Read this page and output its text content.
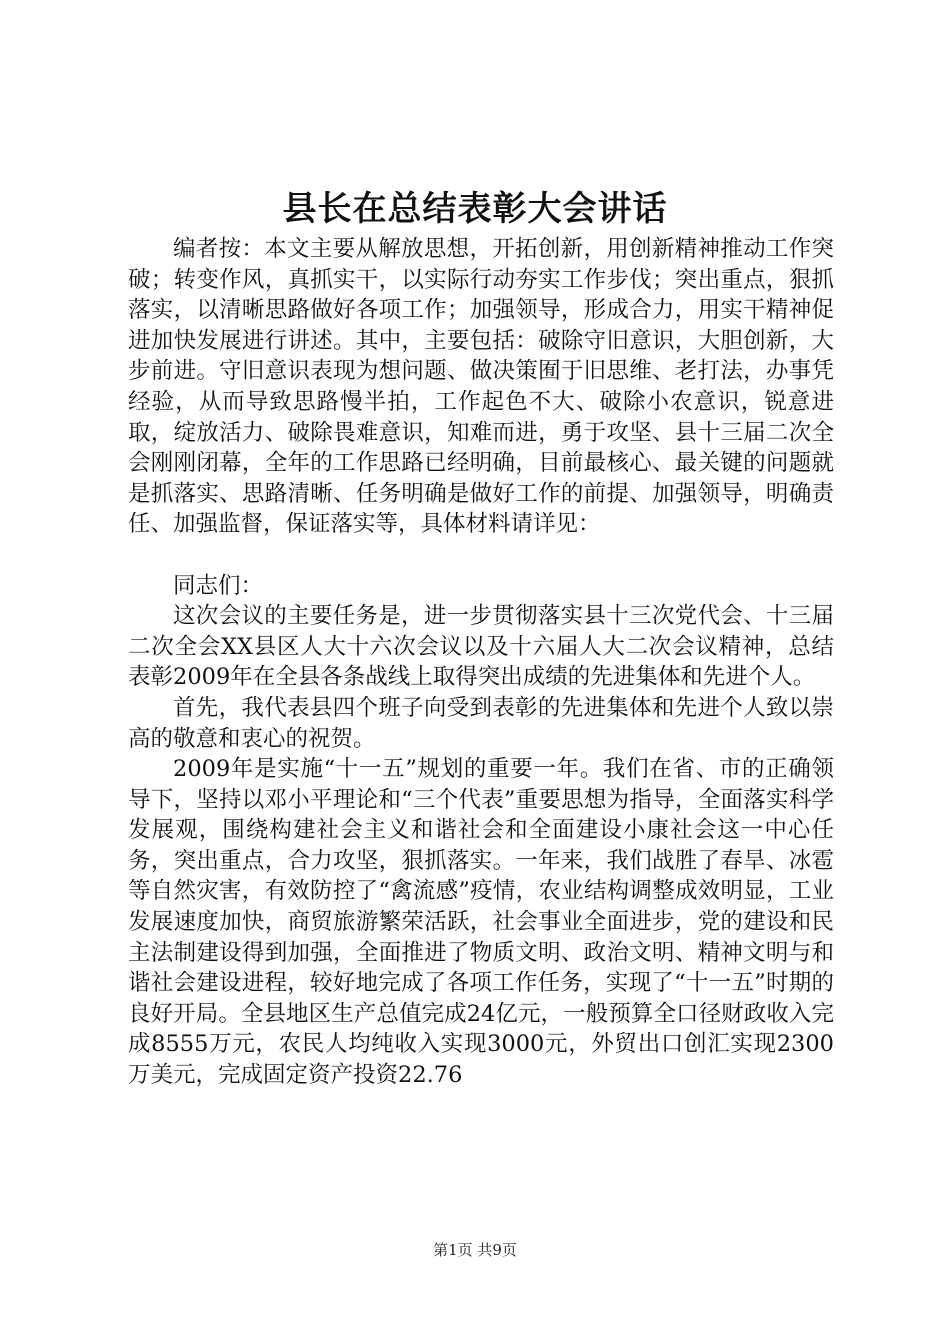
县长在总结表彰大会讲话

编者按：本文主要从解放思想，开拓创新，用创新精神推动工作突破；转变作风，真抓实干，以实际行动夯实工作步伐；突出重点，狠抓落实，以清晰思路做好各项工作；加强领导，形成合力，用实干精神促进加快发展进行讲述。其中，主要包括：破除守旧意识，大胆创新，大步前进。守旧意识表现为想问题、做决策囿于旧思维、老打法，办事凭经验，从而导致思路慢半拍，工作起色不大、破除小农意识，锐意进取，绽放活力、破除畏难意识，知难而进，勇于攻坚、县十三届二次全会刚刚闭幕，全年的工作思路已经明确，目前最核心、最关键的问题就是抓落实、思路清晰、任务明确是做好工作的前提、加强领导，明确责任、加强监督，保证落实等，具体材料请详见：

同志们：

这次会议的主要任务是，进一步贯彻落实县十三次党代会、十三届二次全会XX县区人大十六次会议以及十六届人大二次会议精神，总结表彰2009年在全县各条战线上取得突出成绩的先进集体和先进个人。

首先，我代表县四个班子向受到表彰的先进集体和先进个人致以崇高的敬意和衷心的祝贺。

2009年是实施“十一五”规划的重要一年。我们在省、市的正确领导下，坚持以邓小平理论和“三个代表”重要思想为指导，全面落实科学发展观，围绕构建社会主义和谐社会和全面建设小康社会这一中心任务，突出重点，合力攻坚，狠抓落实。一年来，我们战胜了春旱、冰雹等自然灾害，有效防控了“禽流感”疫情，农业结构调整成效明显，工业发展速度加快，商贸旅游繁荣活跃，社会事业全面进步，党的建设和民主法制建设得到加强，全面推进了物质文明、政治文明、精神文明与和谐社会建设进程，较好地完成了各项工作任务，实现了“十一五”时期的良好开局。全县地区生产总值完成24亿元，一般预算全口径财政收入完成8555万元，农民人均纯收入实现3000元，外贸出口创汇实现2300万美元，完成固定资产投资22.76

第1页 共9页
